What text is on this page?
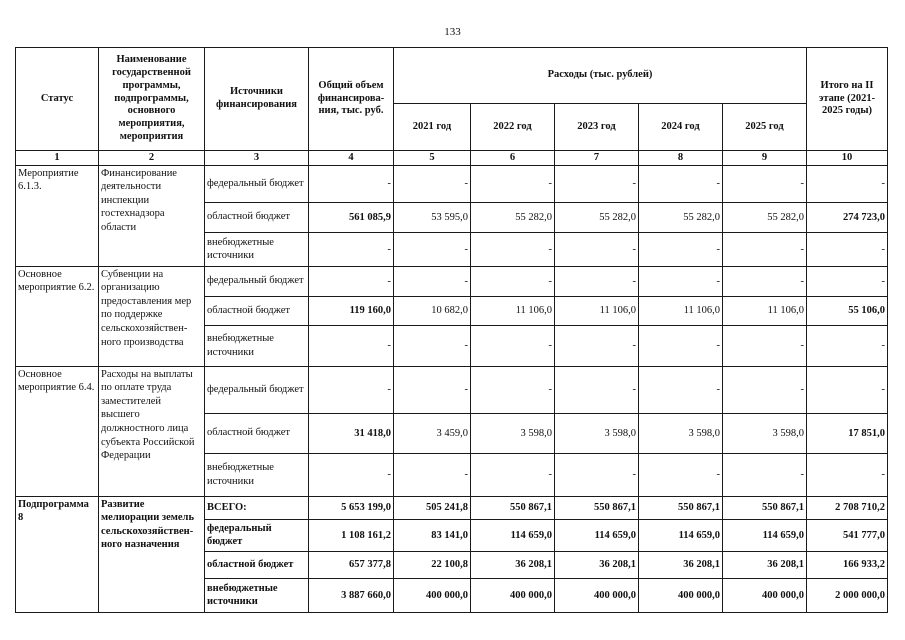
133
Статус	Наименование государственной программы, подпрограммы, основного мероприятия, мероприятия	Источники финансирования	Общий объем финансирова-ния, тыс. руб.	Расходы (тыс. рублей)					Итого на II этапе (2021-2025 годы)
				2021 год	2022 год	2023 год	2024 год	2025 год	
1	2	3	4	5	6	7	8	9	10
Мероприятие 6.1.3.	Финансирование деятельности инспекции гостехнадзора области	федеральный бюджет	-	-	-	-	-	-	-
		областной бюджет	561 085,9	53 595,0	55 282,0	55 282,0	55 282,0	55 282,0	274 723,0
		внебюджетные источники	-	-	-	-	-	-	-
Основное мероприятие 6.2.	Субвенции на организацию предоставления мер по поддержке сельскохозяйствен-ного производства	федеральный бюджет	-	-	-	-	-	-	-
		областной бюджет	119 160,0	10 682,0	11 106,0	11 106,0	11 106,0	11 106,0	55 106,0
		внебюджетные источники	-	-	-	-	-	-	-
Основное мероприятие 6.4.	Расходы на выплаты по оплате труда заместителей высшего должностного лица субъекта Российской Федерации	федеральный бюджет	-	-	-	-	-	-	-
		областной бюджет	31 418,0	3 459,0	3 598,0	3 598,0	3 598,0	3 598,0	17 851,0
		внебюджетные источники	-	-	-	-	-	-	-
Подпрограмма 8	Развитие мелиорации земель сельскохозяйствен-ного назначения	ВСЕГО:	5 653 199,0	505 241,8	550 867,1	550 867,1	550 867,1	550 867,1	2 708 710,2
		федеральный бюджет	1 108 161,2	83 141,0	114 659,0	114 659,0	114 659,0	114 659,0	541 777,0
		областной бюджет	657 377,8	22 100,8	36 208,1	36 208,1	36 208,1	36 208,1	166 933,2
		внебюджетные источники	3 887 660,0	400 000,0	400 000,0	400 000,0	400 000,0	400 000,0	2 000 000,0
